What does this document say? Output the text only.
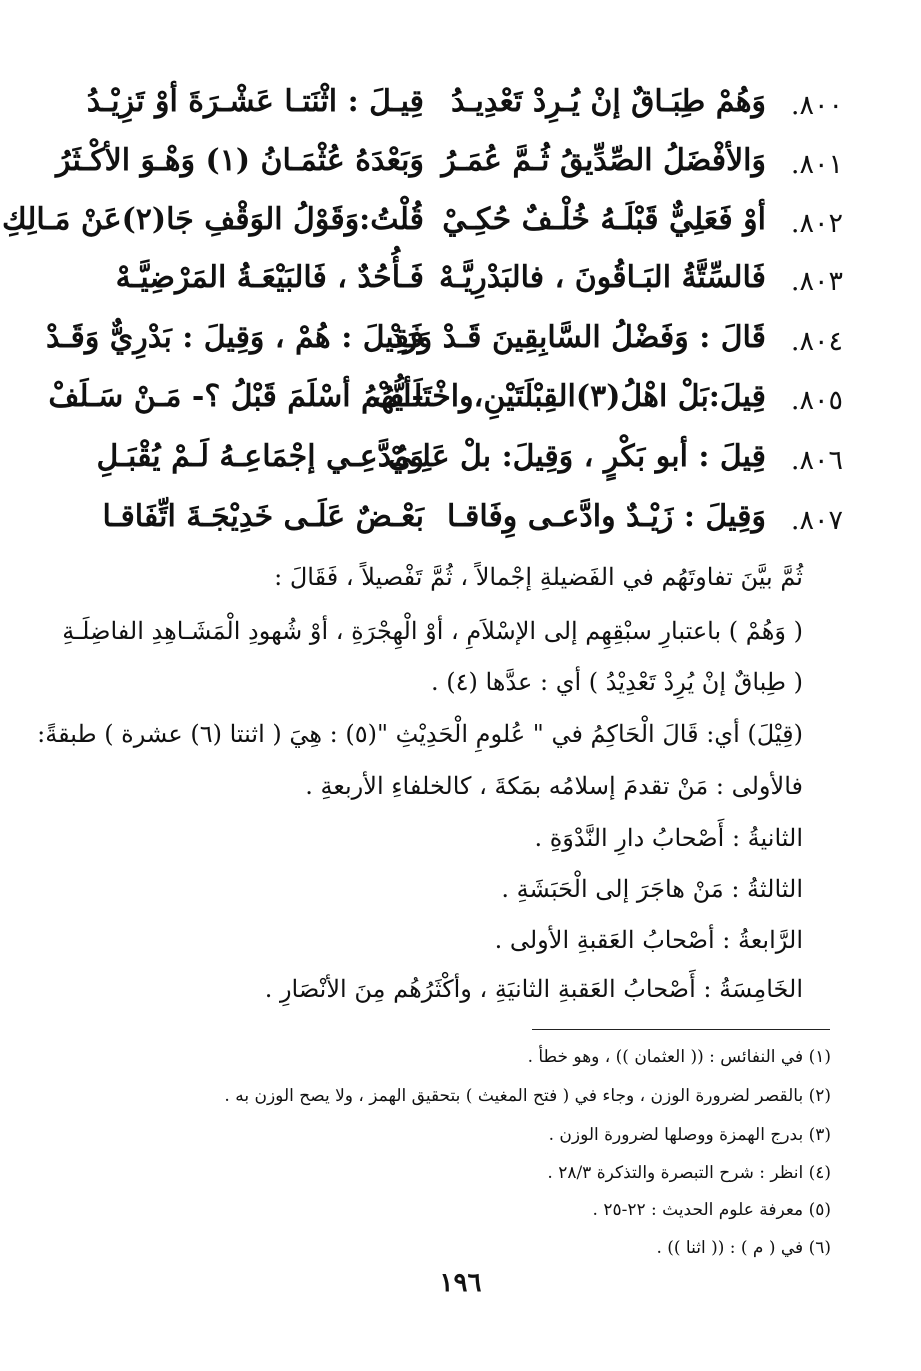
٨٠٠.
وَهُمْ طِبَـاقٌ إنْ يُـرِدْ تَعْدِيـدُ
قِيـلَ : اثْنَتـا عَشْـرَةَ أوْ تَزِيْـدُ
٨٠١.
وَالأفْضَلُ الصِّدِّيقُ ثُـمَّ عُمَـرُ
وَبَعْدَهُ عُثْمَـانُ (١) وَهْـوَ الأكْـثَرُ
٨٠٢.
أوْ فَعَلِيٌّ قَبْلَـهُ خُلْـفٌ حُكِـيْ
قُلْتُ:وَقَوْلُ الوَقْفِ جَا(٢)عَنْ مَـالِكِ
٨٠٣.
فَالسِّتَّةُ البَـاقُونَ ، فالبَدْرِيَّـهْ
فَـأُحُدٌ ، فَالبَيْعَـةُ المَرْضِيَّـهْ
٨٠٤.
قَالَ : وَفَضْلُ السَّابِقِينَ قَـدْ وَرَدْ
فَقِيلَ : هُمْ ، وَقِيلَ : بَدْرِيٌّ وَقَـدْ
٨٠٥.
قِيلَ:بَلْ اهْلُ(٣)القِبْلَتَيْنِ،واخْتَلَـفْ
-أيُّهُمُ أسْلَمَ قَبْلُ ؟- مَـنْ سَـلَفْ
٨٠٦.
قِيلَ : أبو بَكْرٍ ، وَقِيلَ: بلْ عَلِـيْ
وَمُدَّعِـي إجْمَاعِـهُ لَـمْ يُقْبَـلِ
٨٠٧.
وَقِيلَ : زَيْـدٌ وادَّعـى وِفَاقـا
بَعْـضٌ عَلَـى خَدِيْجَـةَ اتِّفَاقـا
ثُمَّ بيَّنَ تفاوتَهُم في الفَضيلةِ إجْمالاً ، ثُمَّ تَفْصيلاً ، فَقَالَ :
( وَهُمْ ) باعتبارِ سبْقِهِم إلى الإسْلاَمِ ، أوْ الْهِجْرَةِ ، أوْ شُهودِ الْمَشَـاهِدِ الفاضِلَـةِ
( طِباقٌ إنْ يُرِدْ تَعْدِيْدُ ) أي : عدَّها (٤) .
(قِيْلَ) أي: قَالَ الْحَاكِمُ في " عُلومِ الْحَدِيْثِ "(٥) : هِيَ ( اثنتا (٦) عشرة ) طبقةً:
فالأولى : مَنْ تقدمَ إسلامُه بمَكةَ ، كالخلفاءِ الأربعةِ .
الثانيةُ : أَصْحابُ دارِ النَّدْوَةِ .
الثالثةُ : مَنْ هاجَرَ إلى الْحَبَشَةِ .
الرَّابعةُ : أصْحابُ العَقبةِ الأولى .
الخَامِسَةُ : أَصْحابُ العَقبةِ الثانيَةِ ، وأكْثَرُهُم مِنَ الأنْصَارِ .
(١) في النفائس : (( العثمان )) ، وهو خطأ .
(٢) بالقصر لضرورة الوزن ، وجاء في ( فتح المغيث ) بتحقيق الهمز ، ولا يصح الوزن به .
(٣) بدرج الهمزة ووصلها لضرورة الوزن .
(٤) انظر : شرح التبصرة والتذكرة ٢٨/٣ .
(٥) معرفة علوم الحديث : ٢٢-٢٥ .
(٦) في ( م ) : (( اثنا )) .
١٩٦
